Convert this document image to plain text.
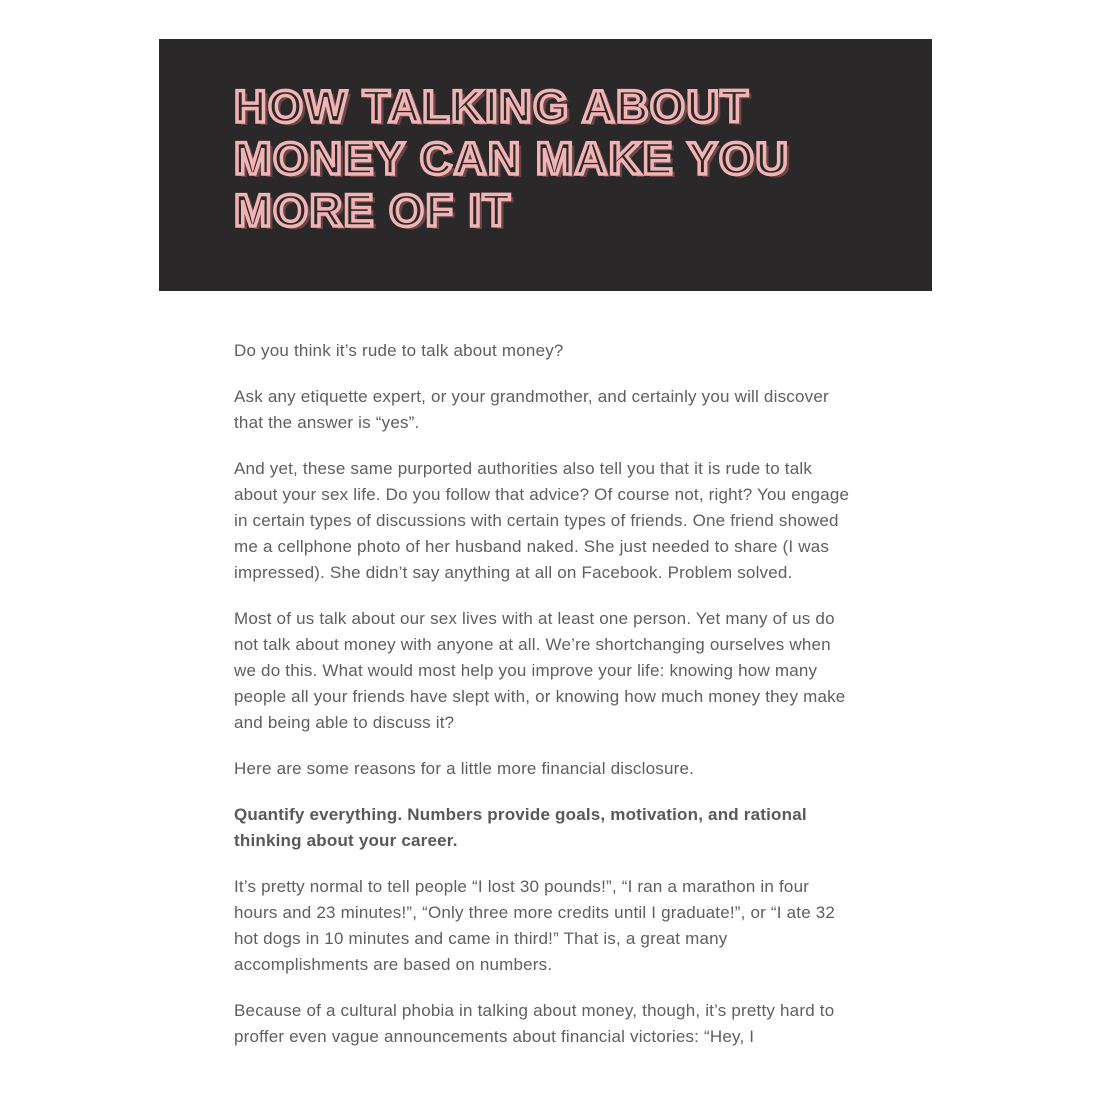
HOW TALKING ABOUT MONEY CAN MAKE YOU MORE OF IT

Do you think it’s rude to talk about money?

Ask any etiquette expert, or your grandmother, and certainly you will discover that the answer is “yes”.

And yet, these same purported authorities also tell you that it is rude to talk about your sex life. Do you follow that advice? Of course not, right? You engage in certain types of discussions with certain types of friends. One friend showed me a cellphone photo of her husband naked. She just needed to share (I was impressed). She didn’t say anything at all on Facebook. Problem solved.

Most of us talk about our sex lives with at least one person. Yet many of us do not talk about money with anyone at all. We’re shortchanging ourselves when we do this. What would most help you improve your life: knowing how many people all your friends have slept with, or knowing how much money they make and being able to discuss it?

Here are some reasons for a little more financial disclosure.

Quantify everything. Numbers provide goals, motivation, and rational thinking about your career.

It’s pretty normal to tell people “I lost 30 pounds!”, “I ran a marathon in four hours and 23 minutes!”, “Only three more credits until I graduate!”, or “I ate 32 hot dogs in 10 minutes and came in third!” That is, a great many accomplishments are based on numbers.

Because of a cultural phobia in talking about money, though, it’s pretty hard to proffer even vague announcements about financial victories: “Hey, I
